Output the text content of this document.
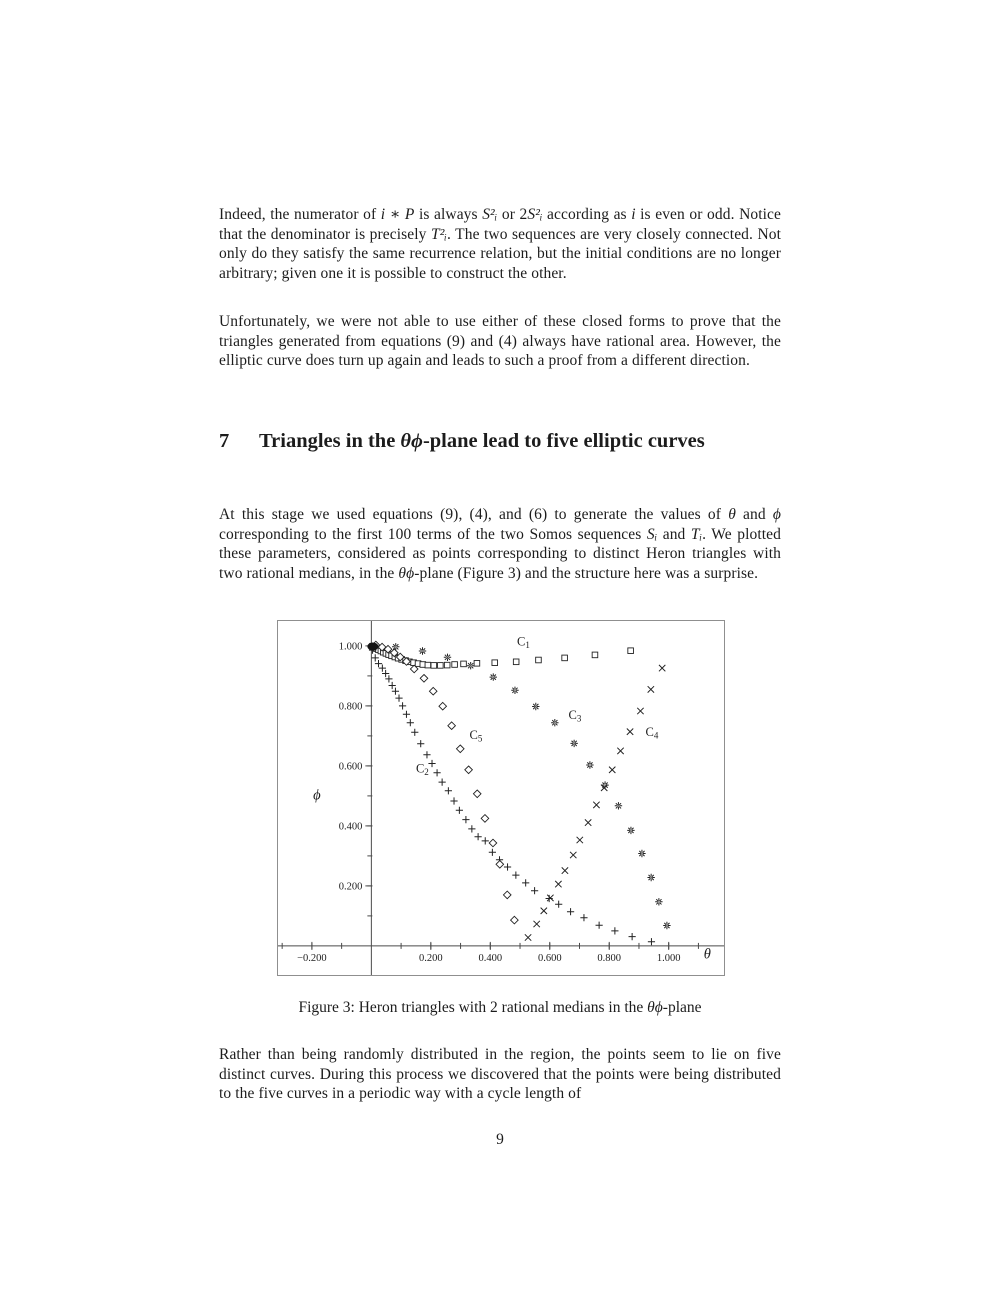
Indeed, the numerator of i ∗ P is always S²ᵢ or 2S²ᵢ according as i is even or odd. Notice that the denominator is precisely T²ᵢ. The two sequences are very closely connected. Not only do they satisfy the same recurrence relation, but the initial conditions are no longer arbitrary; given one it is possible to construct the other.
Unfortunately, we were not able to use either of these closed forms to prove that the triangles generated from equations (9) and (4) always have rational area. However, the elliptic curve does turn up again and leads to such a proof from a different direction.
7 Triangles in the θϕ-plane lead to five elliptic curves
At this stage we used equations (9), (4), and (6) to generate the values of θ and ϕ corresponding to the first 100 terms of the two Somos sequences Sᵢ and Tᵢ. We plotted these parameters, considered as points corresponding to distinct Heron triangles with two rational medians, in the θϕ-plane (Figure 3) and the structure here was a surprise.
−0.200	0.200	0.400	0.600	0.800	1.000
0.200
0.400
0.600
0.800
1.000
θ
ϕ
$C_1$
$C_2$
$C_3$
$C_4$
$C_5$
Figure 3: Heron triangles with 2 rational medians in the θϕ-plane
Rather than being randomly distributed in the region, the points seem to lie on five distinct curves. During this process we discovered that the points were being distributed to the five curves in a periodic way with a cycle length of
9
